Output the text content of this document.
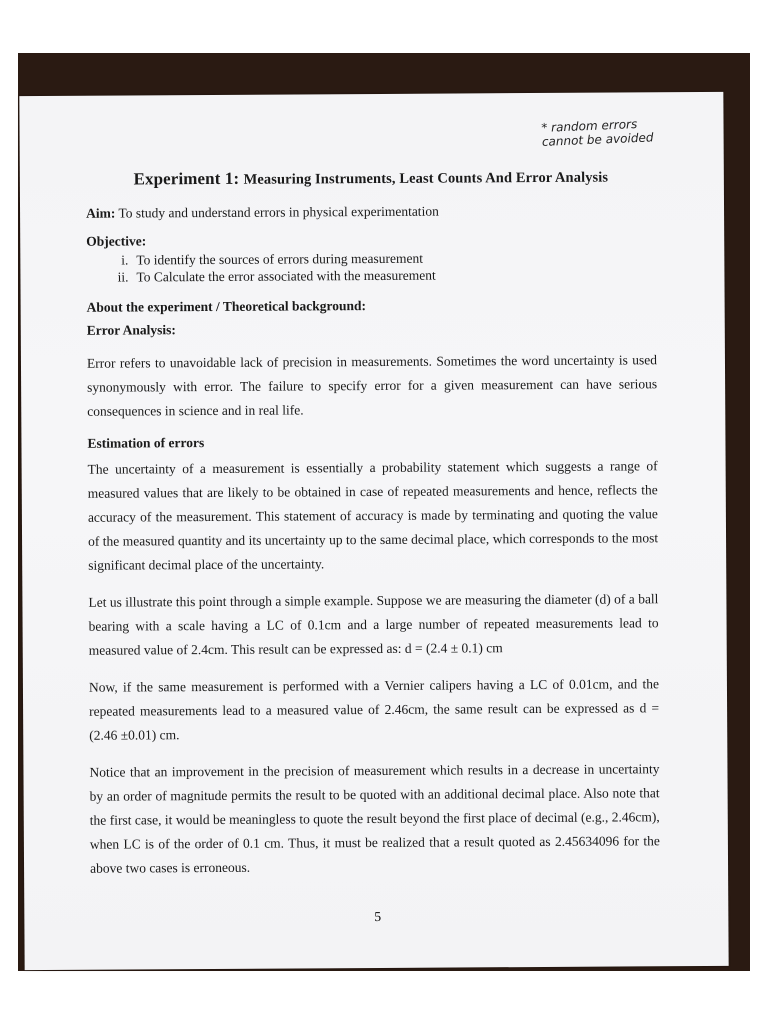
* random errors
cannot be avoided
Experiment 1: Measuring Instruments, Least Counts And Error Analysis
Aim: To study and understand errors in physical experimentation
Objective:
i. To identify the sources of errors during measurement
ii. To Calculate the error associated with the measurement
About the experiment / Theoretical background:
Error Analysis:

Error refers to unavoidable lack of precision in measurements. Sometimes the word uncertainty is used synonymously with error. The failure to specify error for a given measurement can have serious consequences in science and in real life.

Estimation of errors

The uncertainty of a measurement is essentially a probability statement which suggests a range of measured values that are likely to be obtained in case of repeated measurements and hence, reflects the accuracy of the measurement. This statement of accuracy is made by terminating and quoting the value of the measured quantity and its uncertainty up to the same decimal place, which corresponds to the most significant decimal place of the uncertainty.

Let us illustrate this point through a simple example. Suppose we are measuring the diameter (d) of a ball bearing with a scale having a LC of 0.1cm and a large number of repeated measurements lead to measured value of 2.4cm. This result can be expressed as: d = (2.4 ± 0.1) cm

Now, if the same measurement is performed with a Vernier calipers having a LC of 0.01cm, and the repeated measurements lead to a measured value of 2.46cm, the same result can be expressed as d = (2.46 ±0.01) cm.

Notice that an improvement in the precision of measurement which results in a decrease in uncertainty by an order of magnitude permits the result to be quoted with an additional decimal place. Also note that the first case, it would be meaningless to quote the result beyond the first place of decimal (e.g., 2.46cm), when LC is of the order of 0.1 cm. Thus, it must be realized that a result quoted as 2.45634096 for the above two cases is erroneous.

5
